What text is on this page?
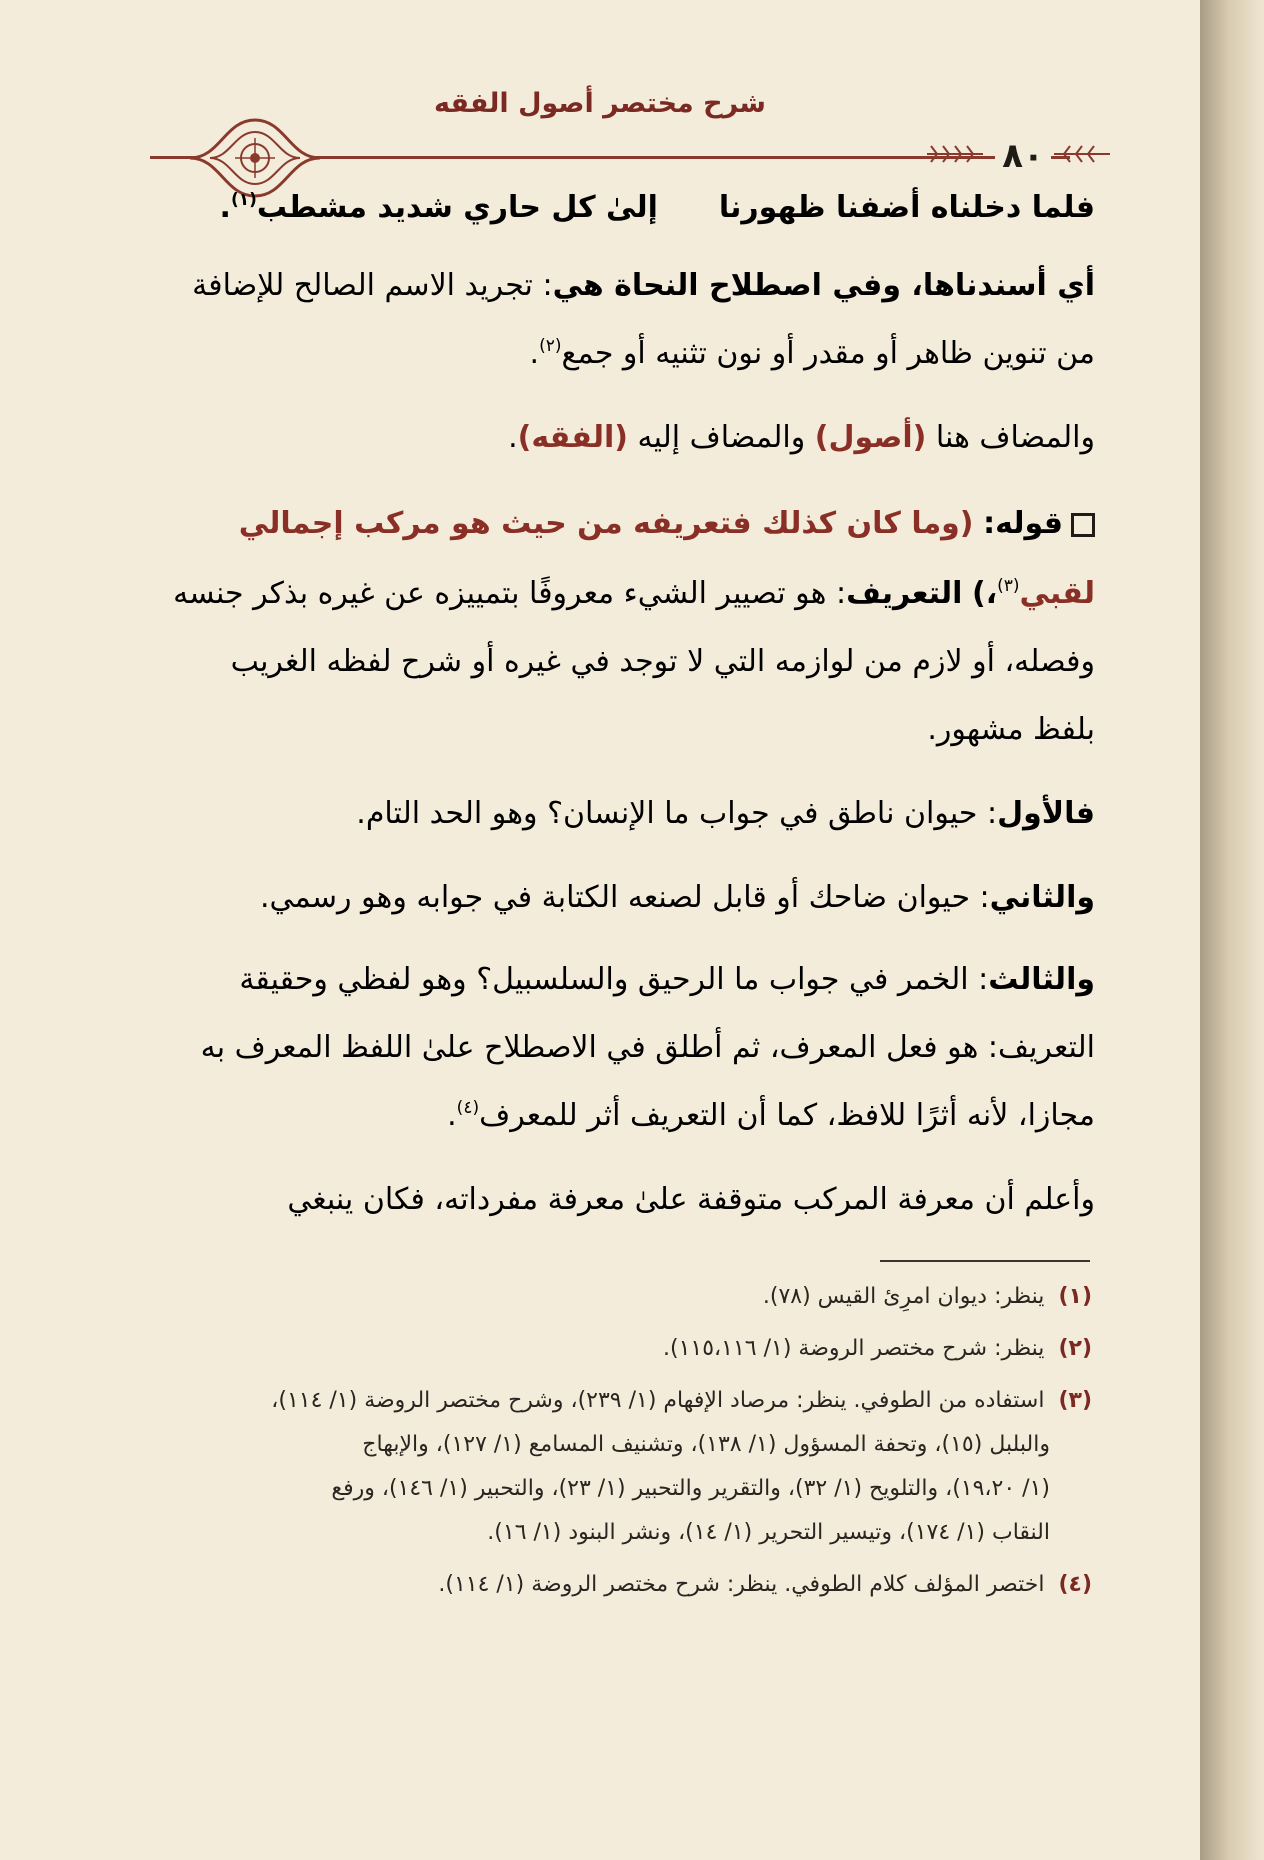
شرح مختصر أصول الفقه
٨٠
فلما دخلناه أضفنا ظهورنا  إلىٰ كل حاري شديد مشطب$^{(١)}$.
أي أسندناها، وفي اصطلاح النحاة هي: تجريد الاسم الصالح للإضافة
من تنوين ظاهر أو مقدر أو نون تثنيه أو جمع$^{(٢)}$.
والمضاف هنا (أصول) والمضاف إليه (الفقه).
قوله: (وما كان كذلك فتعريفه من حيث هو مركب إجمالي
لقبي$^{(٣)}$،) التعريف: هو تصيير الشيء معروفًا بتمييزه عن غيره بذكر جنسه
وفصله، أو لازم من لوازمه التي لا توجد في غيره أو شرح لفظه الغريب
بلفظ مشهور.
فالأول: حيوان ناطق في جواب ما الإنسان؟ وهو الحد التام.
والثاني: حيوان ضاحك أو قابل لصنعه الكتابة في جوابه وهو رسمي.
والثالث: الخمر في جواب ما الرحيق والسلسبيل؟ وهو لفظي وحقيقة
التعريف: هو فعل المعرف، ثم أطلق في الاصطلاح علىٰ اللفظ المعرف به
مجازا، لأنه أثرًا للافظ، كما أن التعريف أثر للمعرف$^{(٤)}$.
وأعلم أن معرفة المركب متوقفة علىٰ معرفة مفرداته، فكان ينبغي
(١)ينظر: ديوان امرِئ القيس (٧٨).
(٢)ينظر: شرح مختصر الروضة (١/ ١١٥،١١٦).
(٣)استفاده من الطوفي. ينظر: مرصاد الإفهام (١/ ٢٣٩)، وشرح مختصر الروضة (١/ ١١٤)،
والبلبل (١٥)، وتحفة المسؤول (١/ ١٣٨)، وتشنيف المسامع (١/ ١٢٧)، والإبهاج
(١/ ١٩،٢٠)، والتلويح (١/ ٣٢)، والتقرير والتحبير (١/ ٢٣)، والتحبير (١/ ١٤٦)، ورفع
النقاب (١/ ١٧٤)، وتيسير التحرير (١/ ١٤)، ونشر البنود (١/ ١٦).
(٤)اختصر المؤلف كلام الطوفي. ينظر: شرح مختصر الروضة (١/ ١١٤).
